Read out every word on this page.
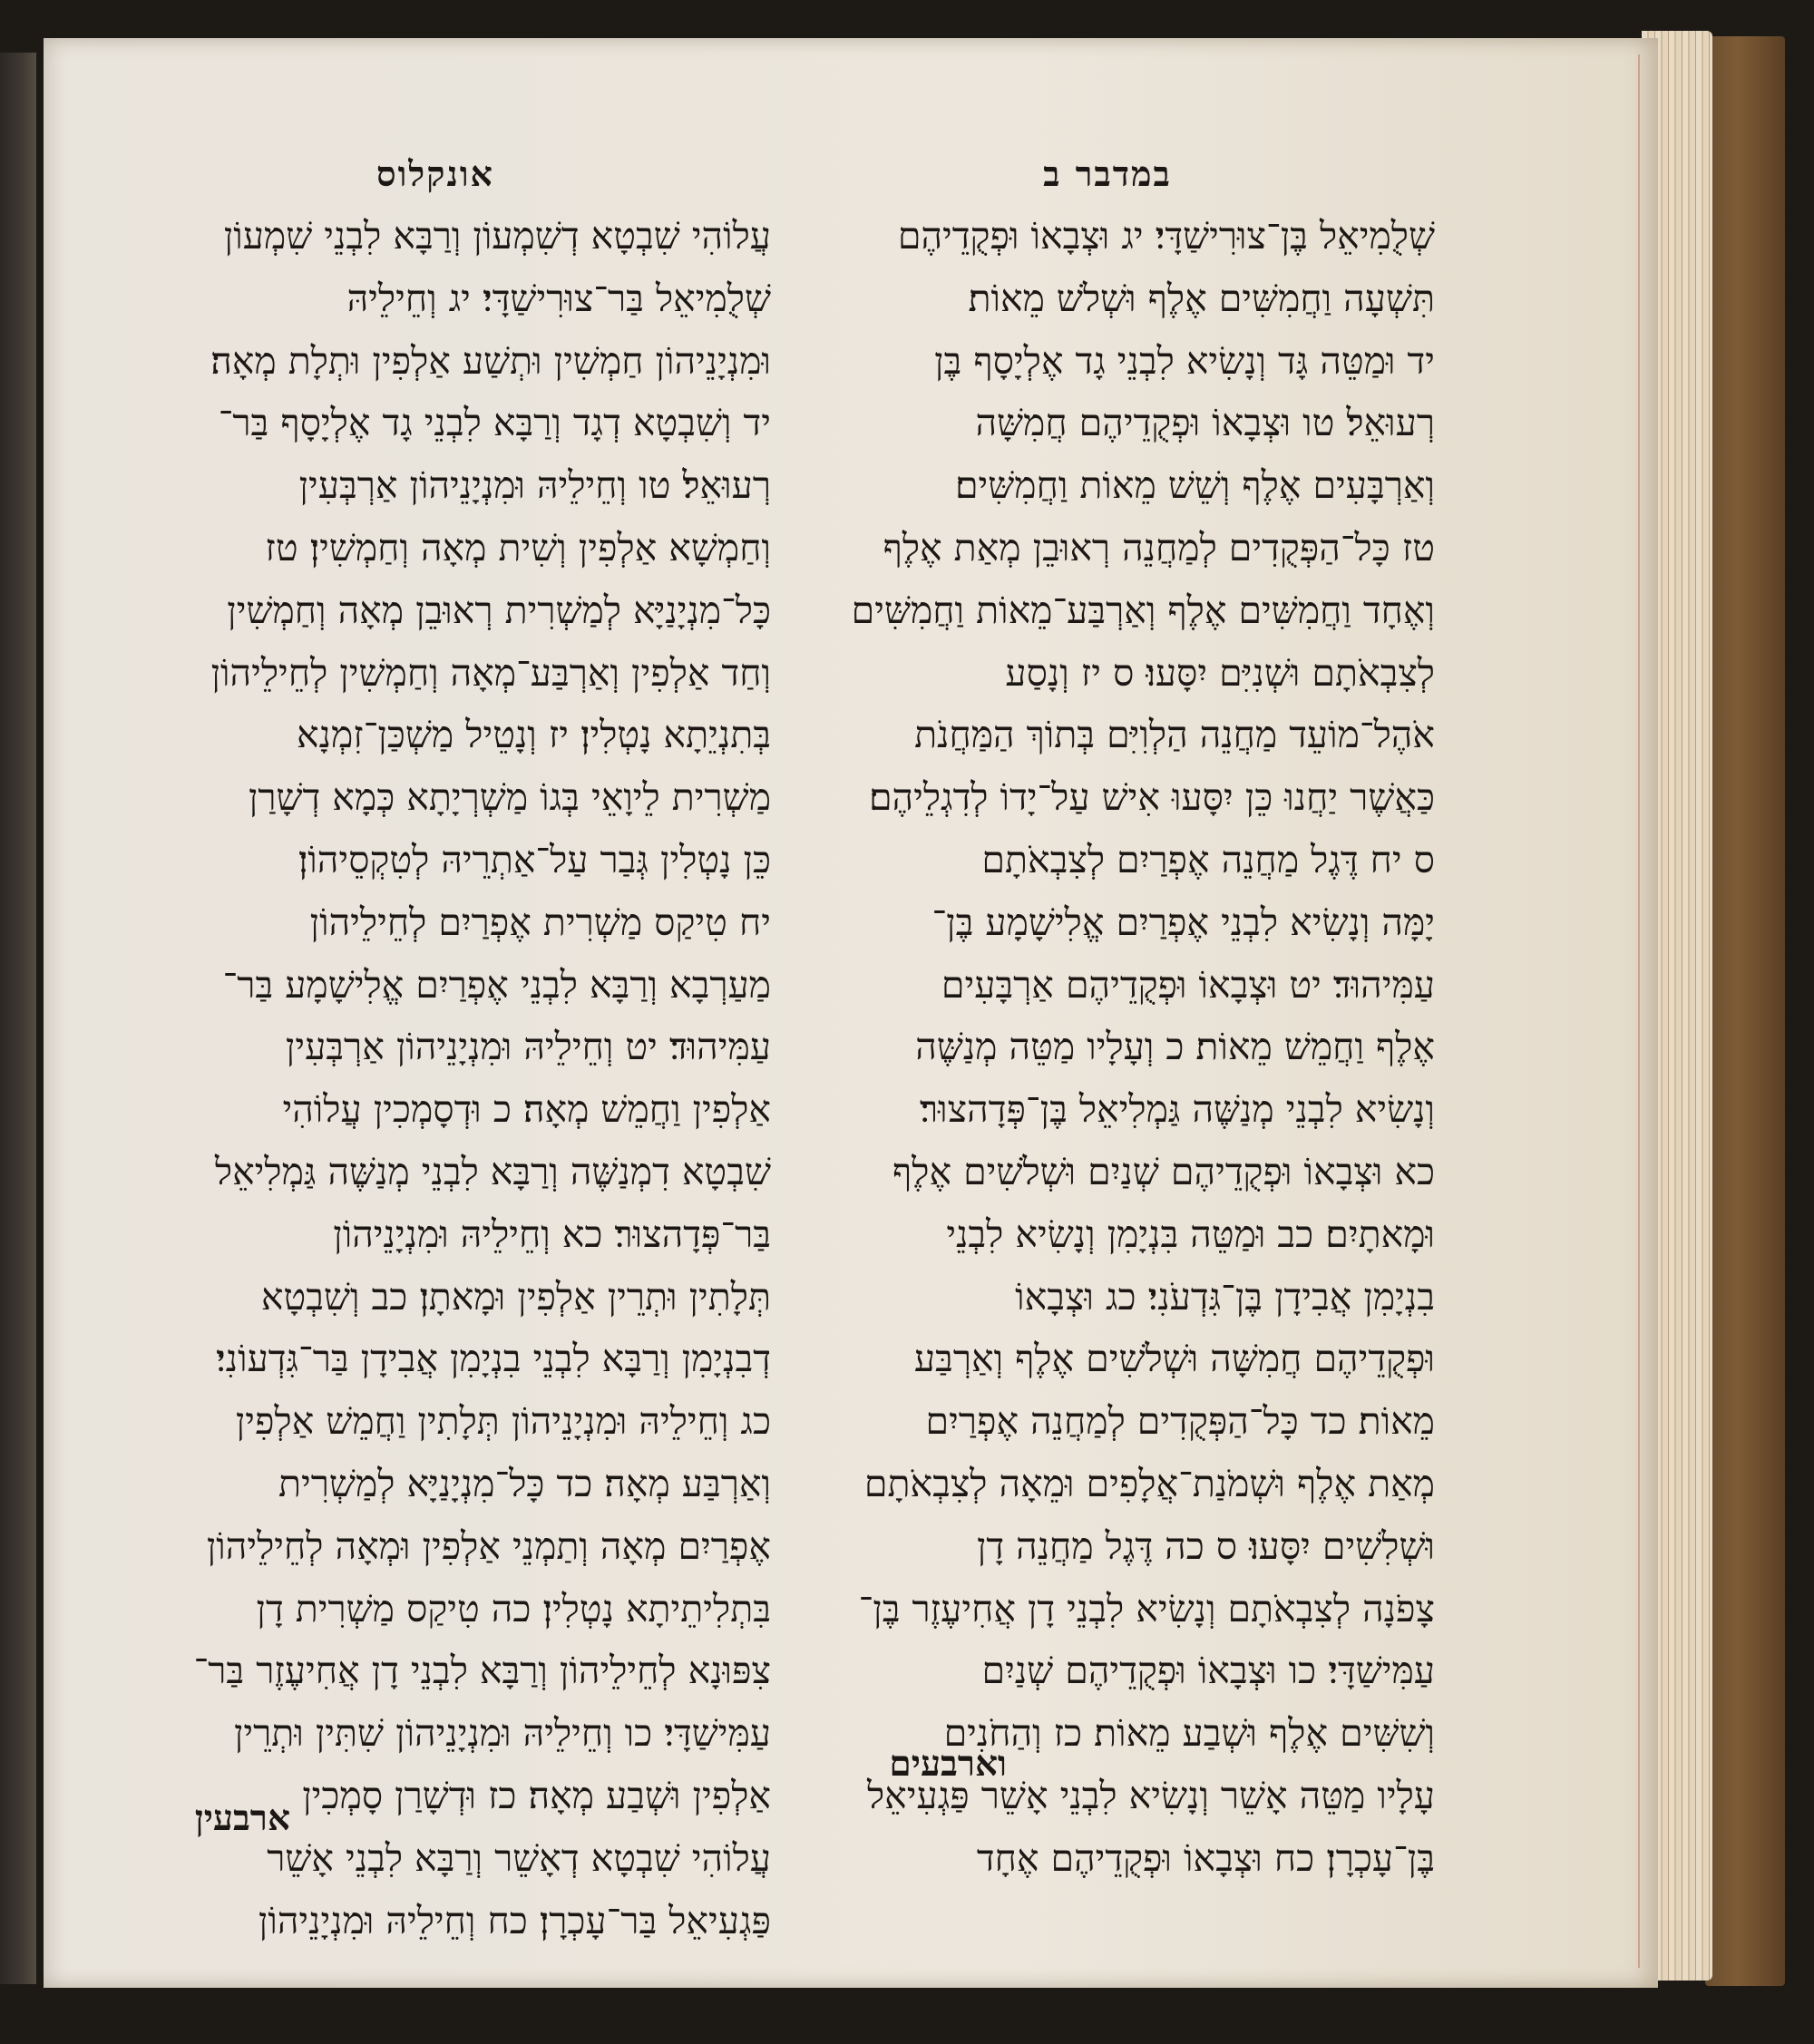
במדבר ב
שְׁלֻמִיאֵל בֶּן־צוּרִישַׁדָּי׃ יג וּצְבָאוֹ וּפְקֻדֵיהֶם
תִּשְׁעָה וַחֲמִשִּׁים אֶלֶף וּשְׁלֹשׁ מֵאוֹת׃
יד וּמַטֵּה גָּד וְנָשִׂיא לִבְנֵי גָד אֶלְיָסָף בֶּן
רְעוּאֵל׃ טו וּצְבָאוֹ וּפְקֻדֵיהֶם חֲמִשָּׁה
וְאַרְבָּעִים אֶלֶף וְשֵׁשׁ מֵאוֹת וַחֲמִשִּׁים׃
טז כָּל־הַפְּקֻדִים לְמַחֲנֵה רְאוּבֵן מְאַת אֶלֶף
וְאֶחָד וַחֲמִשִּׁים אֶלֶף וְאַרְבַּע־מֵאוֹת וַחֲמִשִּׁים
לְצִבְאֹתָם וּשְׁנִיִּם יִסָּעוּ׃ ס יז וְנָסַע
אֹהֶל־מוֹעֵד מַחֲנֵה הַלְוִיִּם בְּתוֹךְ הַמַּחֲנֹת
כַּאֲשֶׁר יַחֲנוּ כֵּן יִסָּעוּ אִישׁ עַל־יָדוֹ לְדִגְלֵיהֶם׃
ס יח דֶּגֶל מַחֲנֵה אֶפְרַיִם לְצִבְאֹתָם
יָמָּה וְנָשִׂיא לִבְנֵי אֶפְרַיִם אֱלִישָׁמָע בֶּן־
עַמִּיהוּד׃ יט וּצְבָאוֹ וּפְקֻדֵיהֶם אַרְבָּעִים
אֶלֶף וַחֲמֵשׁ מֵאוֹת׃ כ וְעָלָיו מַטֵּה מְנַשֶּׁה
וְנָשִׂיא לִבְנֵי מְנַשֶּׁה גַּמְלִיאֵל בֶּן־פְּדָהצוּר׃
כא וּצְבָאוֹ וּפְקֻדֵיהֶם שְׁנַיִם וּשְׁלֹשִׁים אֶלֶף
וּמָאתָיִם׃ כב וּמַטֵּה בִּנְיָמִן וְנָשִׂיא לִבְנֵי
בִנְיָמִן אֲבִידָן בֶּן־גִּדְעֹנִי׃ כג וּצְבָאוֹ
וּפְקֻדֵיהֶם חֲמִשָּׁה וּשְׁלֹשִׁים אֶלֶף וְאַרְבַּע
מֵאוֹת׃ כד כָּל־הַפְּקֻדִים לְמַחֲנֵה אֶפְרַיִם
מְאַת אֶלֶף וּשְׁמֹנַת־אֲלָפִים וּמֵאָה לְצִבְאֹתָם
וּשְׁלִשִׁים יִסָּעוּ׃ ס כה דֶּגֶל מַחֲנֵה דָן
צָפֹנָה לְצִבְאֹתָם וְנָשִׂיא לִבְנֵי דָן אֲחִיעֶזֶר בֶּן־
עַמִּישַׁדָּי׃ כו וּצְבָאוֹ וּפְקֻדֵיהֶם שְׁנַיִם
וְשִׁשִּׁים אֶלֶף וּשְׁבַע מֵאוֹת׃ כז וְהַחֹנִים
עָלָיו מַטֵּה אָשֵׁר וְנָשִׂיא לִבְנֵי אָשֵׁר פַּגְעִיאֵל
בֶּן־עָכְרָן׃ כח וּצְבָאוֹ וּפְקֻדֵיהֶם אֶחָד
אונקלוס
עֲלוֹהִי שִׁבְטָא דְשִׁמְעוֹן וְרַבָּא לִבְנֵי שִׁמְעוֹן
שְׁלֻמִיאֵל בַּר־צוּרִישַׁדָּי׃ יג וְחֵילֵיהּ
וּמִנְיָנֵיהוֹן חַמְשִׁין וּתְשַׁע אַלְפִין וּתְלָת מְאָה׃
יד וְשִׁבְטָא דְגָד וְרַבָּא לִבְנֵי גָד אֶלְיָסָף בַּר־
רְעוּאֵל׃ טו וְחֵילֵיהּ וּמִנְיָנֵיהוֹן אַרְבְּעִין
וְחַמְשָׁא אַלְפִין וְשִׁית מְאָה וְחַמְשִׁין׃ טז
כָּל־מִנְיָנַיָּא לְמַשְׁרִית רְאוּבֵן מְאָה וְחַמְשִׁין
וְחַד אַלְפִין וְאַרְבַּע־מְאָה וְחַמְשִׁין לְחֵילֵיהוֹן
בְּתִנְיֵתָא נָטְלִין׃ יז וְנָטֵיל מַשְׁכַּן־זִמְנָא
מַשְׁרִית לֵיוָאֵי בְּגוֹ מַשְׁרְיָתָא כְּמָא דְשָׁרַן
כֵּן נָטְלִין גְּבַר עַל־אַתְרֵיהּ לְטִקְסֵיהוֹן׃
יח טִיקַס מַשְׁרִית אֶפְרַיִם לְחֵילֵיהוֹן
מַעַרְבָא וְרַבָּא לִבְנֵי אֶפְרַיִם אֱלִישָׁמָע בַּר־
עַמִּיהוּד׃ יט וְחֵילֵיהּ וּמִנְיָנֵיהוֹן אַרְבְּעִין
אַלְפִין וַחֲמֵשׁ מְאָה׃ כ וּדְסָמְכִין עֲלוֹהִי
שִׁבְטָא דִמְנַשֶּׁה וְרַבָּא לִבְנֵי מְנַשֶּׁה גַּמְלִיאֵל
בַּר־פְּדָהצוּר׃ כא וְחֵילֵיהּ וּמִנְיָנֵיהוֹן
תְּלָתִין וּתְרֵין אַלְפִין וּמָאתָן׃ כב וְשִׁבְטָא
דְבִנְיָמִן וְרַבָּא לִבְנֵי בִנְיָמִן אֲבִידָן בַּר־גִּדְעוֹנִי׃
כג וְחֵילֵיהּ וּמִנְיָנֵיהוֹן תְּלָתִין וַחֲמֵשׁ אַלְפִין
וְאַרְבַּע מְאָה׃ כד כָּל־מִנְיָנַיָּא לְמַשְׁרִית
אֶפְרַיִם מְאָה וְתַמְנֵי אַלְפִין וּמְאָה לְחֵילֵיהוֹן
בִּתְלִיתֵיתָא נָטְלִין׃ כה טִיקַס מַשְׁרִית דָן
צִפּוּנָא לְחֵילֵיהוֹן וְרַבָּא לִבְנֵי דָן אֲחִיעֶזֶר בַּר־
עַמִּישַׁדָּי׃ כו וְחֵילֵיהּ וּמִנְיָנֵיהוֹן שִׁתִּין וּתְרֵין
אַלְפִין וּשְׁבַע מְאָה׃ כז וּדְשָׁרַן סָמְכִין
עֲלוֹהִי שִׁבְטָא דְאָשֵׁר וְרַבָּא לִבְנֵי אָשֵׁר
פַּגְעִיאֵל בַּר־עָכְרָן׃ כח וְחֵילֵיהּ וּמִנְיָנֵיהוֹן
וארבעים
ארבעין
